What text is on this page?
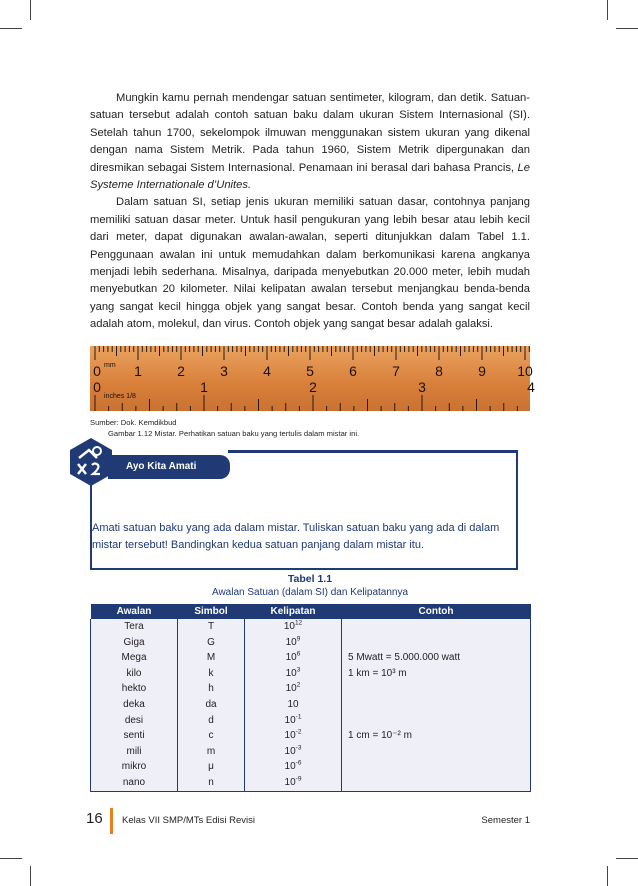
Mungkin kamu pernah mendengar satuan sentimeter, kilogram, dan detik. Satuan-satuan tersebut adalah contoh satuan baku dalam ukuran Sistem Internasional (SI). Setelah tahun 1700, sekelompok ilmuwan menggunakan sistem ukuran yang dikenal dengan nama Sistem Metrik. Pada tahun 1960, Sistem Metrik dipergunakan dan diresmikan sebagai Sistem Internasional. Penamaan ini berasal dari bahasa Prancis, Le Systeme Internationale d’Unites.

Dalam satuan SI, setiap jenis ukuran memiliki satuan dasar, contohnya panjang memiliki satuan dasar meter. Untuk hasil pengukuran yang lebih besar atau lebih kecil dari meter, dapat digunakan awalan-awalan, seperti ditunjukkan dalam Tabel 1.1. Penggunaan awalan ini untuk memudahkan dalam berkomunikasi karena angkanya menjadi lebih sederhana. Misalnya, daripada menyebutkan 20.000 meter, lebih mudah menyebutkan 20 kilometer. Nilai kelipatan awalan tersebut menjangkau benda-benda yang sangat kecil hingga objek yang sangat besar. Contoh benda yang sangat kecil adalah atom, molekul, dan virus. Contoh objek yang sangat besar adalah galaksi.

0 1	2	3	4	5	6	7	8	9 10
mm
0	1	2	3	4
inches 1/8
Sumber: Dok. Kemdikbud
Gambar 1.12 Mistar. Perhatikan satuan baku yang tertulis dalam mistar ini.
Ayo Kita Amati
Amati satuan baku yang ada dalam mistar. Tuliskan satuan baku yang ada di dalam mistar tersebut! Bandingkan kedua satuan panjang dalam mistar itu.
Tabel 1.1
Awalan Satuan (dalam SI) dan Kelipatannya
Awalan	Simbol	Kelipatan	Contoh
Tera	T	$10^{12}$	
Giga	G	$10^9$	
Mega	M	$10^6$	5 Mwatt = 5.000.000 watt
kilo	k	$10^3$	1 km = 10³ m
hekto	h	$10^2$	
deka	da	10	
desi	d	$10^{-1}$	
senti	c	$10^{-2}$	1 cm = 10⁻² m
mili	m	$10^{-3}$	
mikro	μ	$10^{-6}$	
nano	n	$10^{-9}$	
16 Kelas VII SMP/MTs Edisi Revisi	Semester 1
